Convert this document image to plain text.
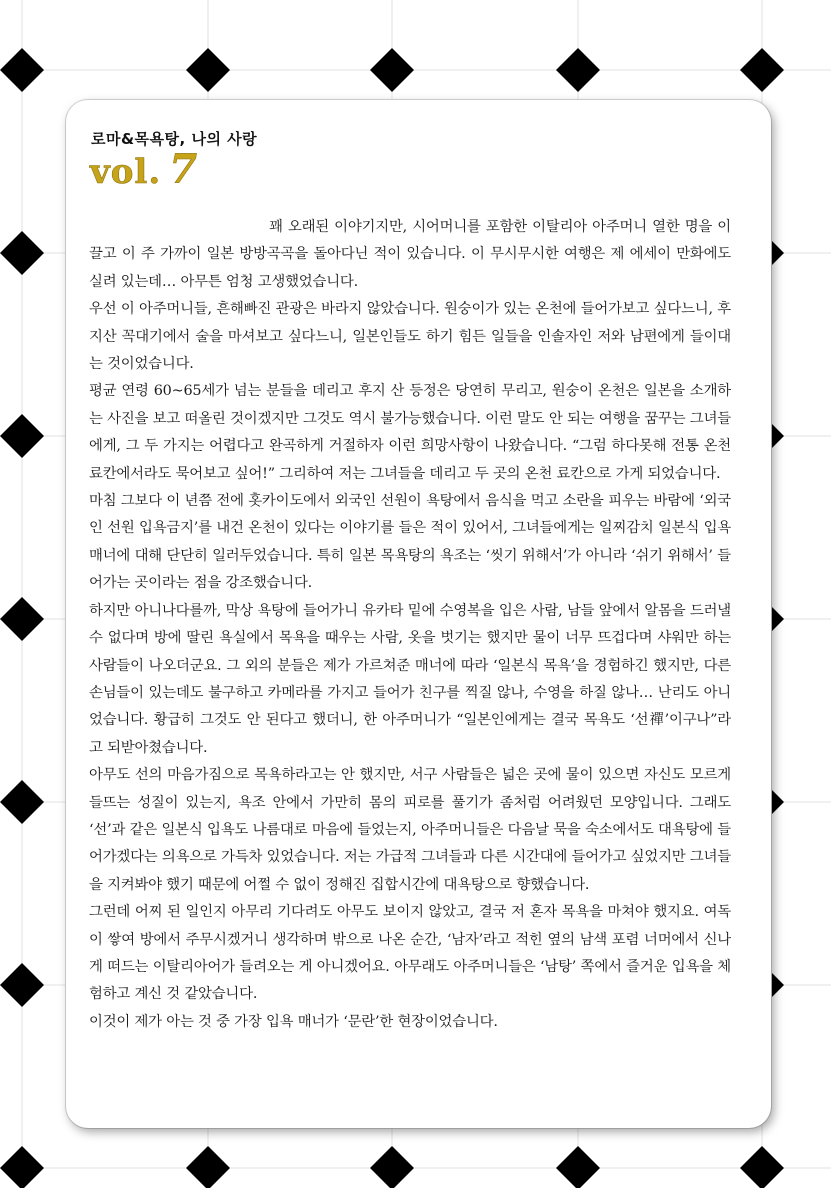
로마&목욕탕, 나의 사랑
vol. 7

꽤 오래된 이야기지만, 시어머니를 포함한 이탈리아 아주머니 열한 명을 이끌고 이 주 가까이 일본 방방곡곡을 돌아다닌 적이 있습니다. 이 무시무시한 여행은 제 에세이 만화에도 실려 있는데… 아무튼 엄청 고생했었습니다.

우선 이 아주머니들, 흔해빠진 관광은 바라지 않았습니다. 원숭이가 있는 온천에 들어가보고 싶다느니, 후지산 꼭대기에서 술을 마셔보고 싶다느니, 일본인들도 하기 힘든 일들을 인솔자인 저와 남편에게 들이대는 것이었습니다.

평균 연령 60~65세가 넘는 분들을 데리고 후지 산 등정은 당연히 무리고, 원숭이 온천은 일본을 소개하는 사진을 보고 떠올린 것이겠지만 그것도 역시 불가능했습니다. 이런 말도 안 되는 여행을 꿈꾸는 그녀들에게, 그 두 가지는 어렵다고 완곡하게 거절하자 이런 희망사항이 나왔습니다. “그럼 하다못해 전통 온천 료칸에서라도 묵어보고 싶어!” 그리하여 저는 그녀들을 데리고 두 곳의 온천 료칸으로 가게 되었습니다.

마침 그보다 이 년쯤 전에 홋카이도에서 외국인 선원이 욕탕에서 음식을 먹고 소란을 피우는 바람에 ‘외국인 선원 입욕금지’를 내건 온천이 있다는 이야기를 들은 적이 있어서, 그녀들에게는 일찌감치 일본식 입욕 매너에 대해 단단히 일러두었습니다. 특히 일본 목욕탕의 욕조는 ‘씻기 위해서’가 아니라 ‘쉬기 위해서’ 들어가는 곳이라는 점을 강조했습니다.

하지만 아니나다를까, 막상 욕탕에 들어가니 유카타 밑에 수영복을 입은 사람, 남들 앞에서 알몸을 드러낼 수 없다며 방에 딸린 욕실에서 목욕을 때우는 사람, 옷을 벗기는 했지만 물이 너무 뜨겁다며 샤워만 하는 사람들이 나오더군요. 그 외의 분들은 제가 가르쳐준 매너에 따라 ‘일본식 목욕’을 경험하긴 했지만, 다른 손님들이 있는데도 불구하고 카메라를 가지고 들어가 친구를 찍질 않나, 수영을 하질 않나… 난리도 아니었습니다. 황급히 그것도 안 된다고 했더니, 한 아주머니가 “일본인에게는 결국 목욕도 ‘선禪’이구나”라고 되받아쳤습니다.

아무도 선의 마음가짐으로 목욕하라고는 안 했지만, 서구 사람들은 넓은 곳에 물이 있으면 자신도 모르게 들뜨는 성질이 있는지, 욕조 안에서 가만히 몸의 피로를 풀기가 좀처럼 어려웠던 모양입니다. 그래도 ‘선’과 같은 일본식 입욕도 나름대로 마음에 들었는지, 아주머니들은 다음날 묵을 숙소에서도 대욕탕에 들어가겠다는 의욕으로 가득차 있었습니다. 저는 가급적 그녀들과 다른 시간대에 들어가고 싶었지만 그녀들을 지켜봐야 했기 때문에 어쩔 수 없이 정해진 집합시간에 대욕탕으로 향했습니다.

그런데 어찌 된 일인지 아무리 기다려도 아무도 보이지 않았고, 결국 저 혼자 목욕을 마쳐야 했지요. 여독이 쌓여 방에서 주무시겠거니 생각하며 밖으로 나온 순간, ‘남자’라고 적힌 옆의 남색 포렴 너머에서 신나게 떠드는 이탈리아어가 들려오는 게 아니겠어요. 아무래도 아주머니들은 ‘남탕’ 쪽에서 즐거운 입욕을 체험하고 계신 것 같았습니다.

이것이 제가 아는 것 중 가장 입욕 매너가 ‘문란’한 현장이었습니다.
